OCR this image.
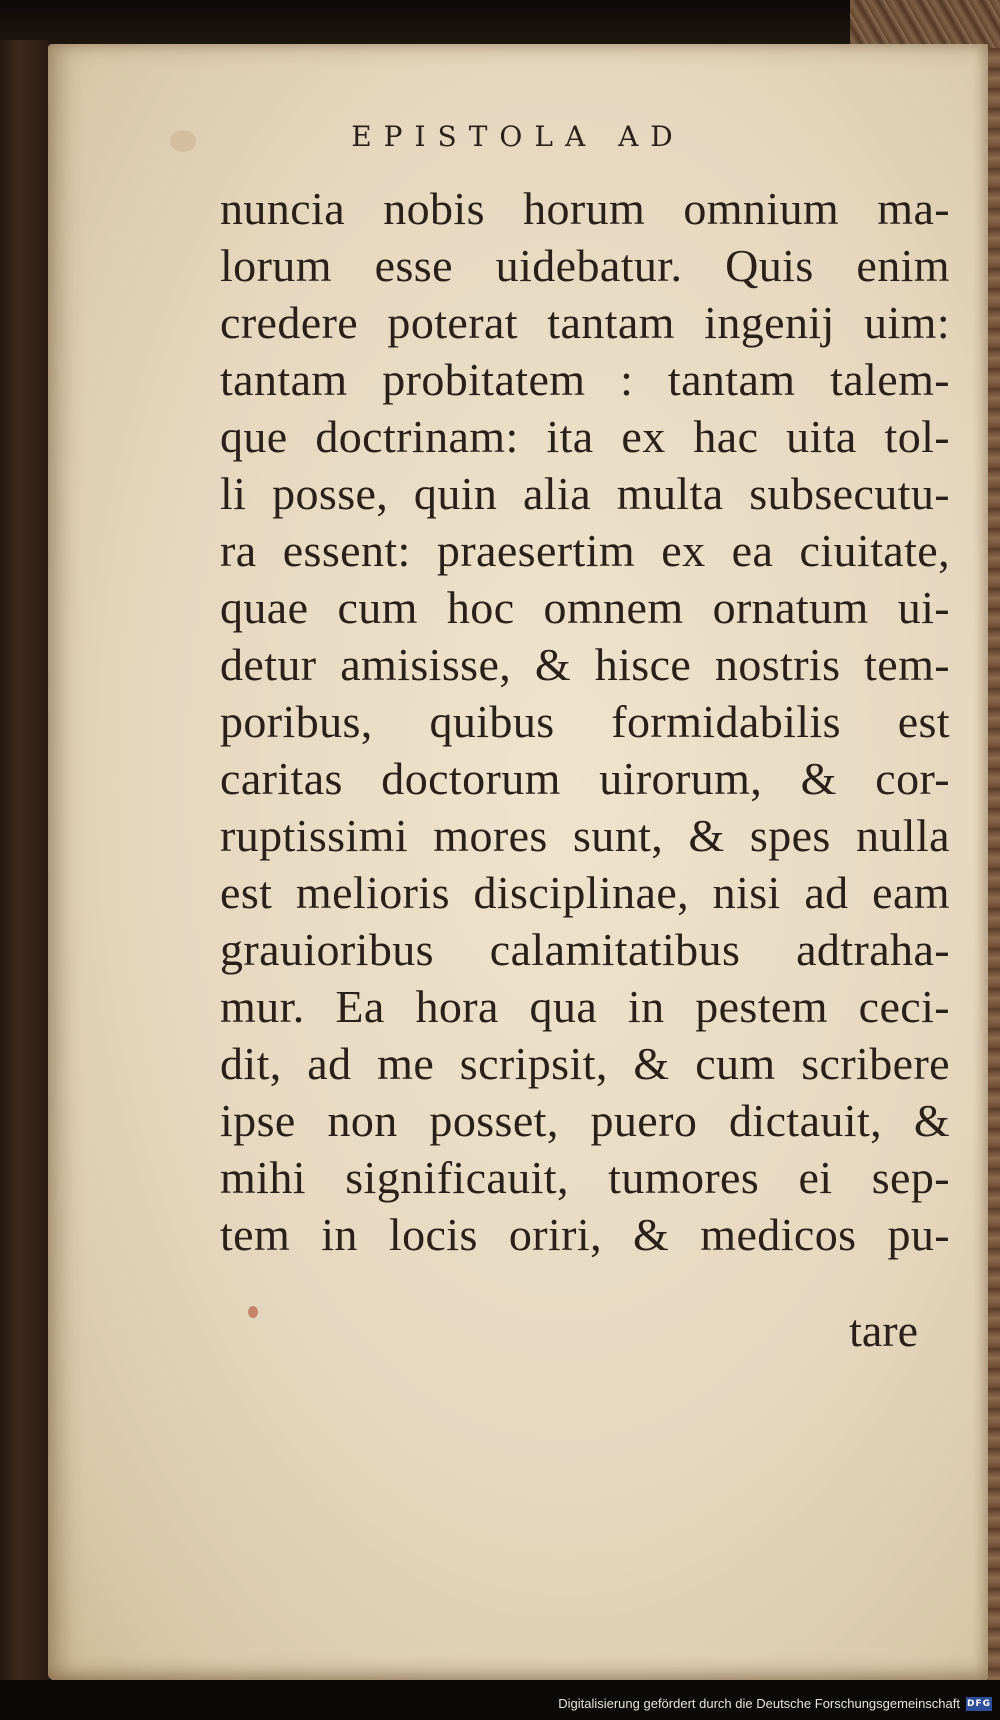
EPISTOLA AD
nuncia nobis horum omnium ma-
lorum esse uidebatur. Quis enim
credere poterat tantam ingenij uim:
tantam probitatem : tantam talem-
que doctrinam: ita ex hac uita tol-
li posse, quin alia multa subsecutu-
ra essent: praesertim ex ea ciuitate,
quae cum hoc omnem ornatum ui-
detur amisisse, & hisce nostris tem-
poribus, quibus formidabilis est
caritas doctorum uirorum, & cor-
ruptissimi mores sunt, & spes nulla
est melioris disciplinae, nisi ad eam
grauioribus calamitatibus adtraha-
mur. Ea hora qua in pestem ceci-
dit, ad me scripsit, & cum scribere
ipse non posset, puero dictauit, &
mihi significauit, tumores ei sep-
tem in locis oriri, & medicos pu-
tare
Digitalisierung gefördert durch die Deutsche Forschungsgemeinschaft DFG
